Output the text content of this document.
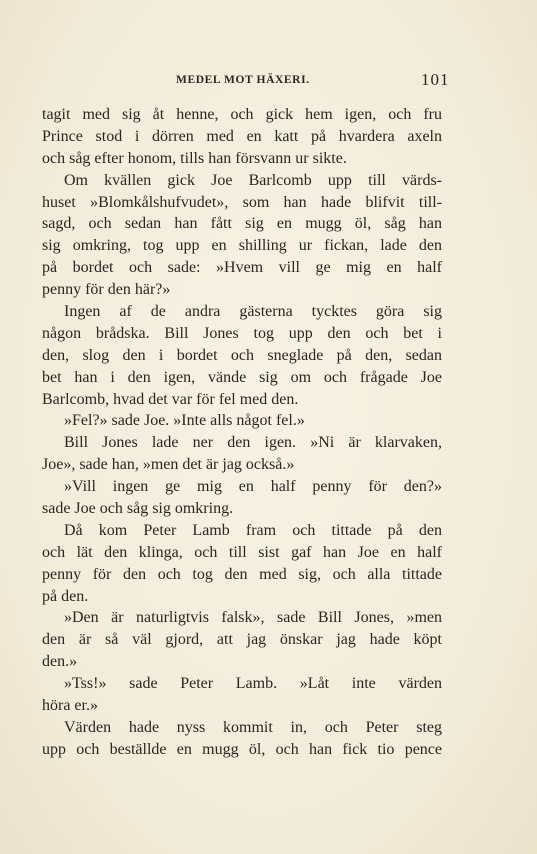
MEDEL MOT HÄXERI.	101
tagit med sig åt henne, och gick hem igen, och fru
Prince stod i dörren med en katt på hvardera axeln
och såg efter honom, tills han försvann ur sikte.
Om kvällen gick Joe Barlcomb upp till värds-
huset »Blomkålshufvudet», som han hade blifvit till-
sagd, och sedan han fått sig en mugg öl, såg han
sig omkring, tog upp en shilling ur fickan, lade den
på bordet och sade: »Hvem vill ge mig en half
penny för den här?»
Ingen af de andra gästerna tycktes göra sig
någon brådska. Bill Jones tog upp den och bet i
den, slog den i bordet och sneglade på den, sedan
bet han i den igen, vände sig om och frågade Joe
Barlcomb, hvad det var för fel med den.
»Fel?» sade Joe. »Inte alls något fel.»
Bill Jones lade ner den igen. »Ni är klarvaken,
Joe», sade han, »men det är jag också.»
»Vill ingen ge mig en half penny för den?»
sade Joe och såg sig omkring.
Då kom Peter Lamb fram och tittade på den
och lät den klinga, och till sist gaf han Joe en half
penny för den och tog den med sig, och alla tittade
på den.
»Den är naturligtvis falsk», sade Bill Jones, »men
den är så väl gjord, att jag önskar jag hade köpt
den.»
»Tss!» sade Peter Lamb. »Låt inte värden
höra er.»
Värden hade nyss kommit in, och Peter steg
upp och beställde en mugg öl, och han fick tio pence
